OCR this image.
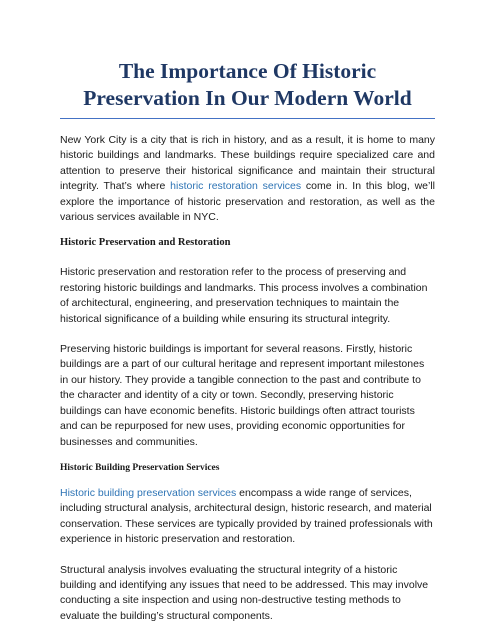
The Importance Of Historic
Preservation In Our Modern World

New York City is a city that is rich in history, and as a result, it is home to many historic buildings and landmarks. These buildings require specialized care and attention to preserve their historical significance and maintain their structural integrity. That’s where historic restoration services come in. In this blog, we’ll explore the importance of historic preservation and restoration, as well as the various services available in NYC.

Historic Preservation and Restoration

Historic preservation and restoration refer to the process of preserving and restoring historic buildings and landmarks. This process involves a combination of architectural, engineering, and preservation techniques to maintain the historical significance of a building while ensuring its structural integrity.

Preserving historic buildings is important for several reasons. Firstly, historic buildings are a part of our cultural heritage and represent important milestones in our history. They provide a tangible connection to the past and contribute to the character and identity of a city or town. Secondly, preserving historic buildings can have economic benefits. Historic buildings often attract tourists and can be repurposed for new uses, providing economic opportunities for businesses and communities.

Historic Building Preservation Services

Historic building preservation services encompass a wide range of services, including structural analysis, architectural design, historic research, and material conservation. These services are typically provided by trained professionals with experience in historic preservation and restoration.

Structural analysis involves evaluating the structural integrity of a historic building and identifying any issues that need to be addressed. This may involve conducting a site inspection and using non-destructive testing methods to evaluate the building’s structural components.
